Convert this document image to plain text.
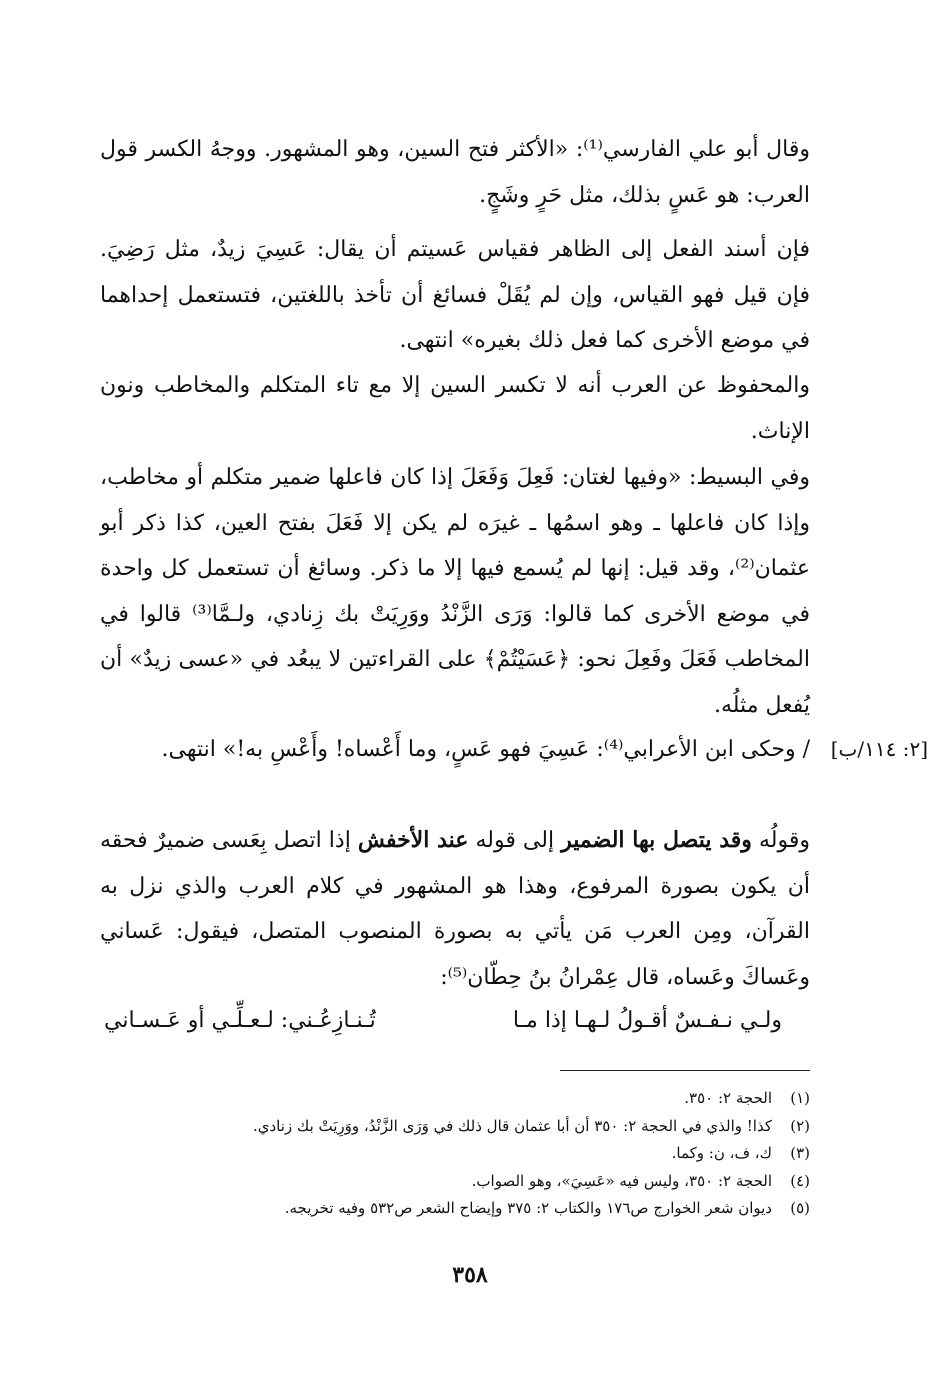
وقال أبو علي الفارسي⁽¹⁾: «الأكثر فتح السين، وهو المشهور. ووجهُ الكسر قول العرب: هو عَسٍ بذلك، مثل حَرٍ وشَجٍ.

فإن أسند الفعل إلى الظاهر فقياس عَسيتم أن يقال: عَسِيَ زيدٌ، مثل رَضِيَ. فإن قيل فهو القياس، وإن لم يُقَلْ فسائغ أن تأخذ باللغتين، فتستعمل إحداهما في موضع الأخرى كما فعل ذلك بغيره» انتهى.

والمحفوظ عن العرب أنه لا تكسر السين إلا مع تاء المتكلم والمخاطب ونون الإناث.

وفي البسيط: «وفيها لغتان: فَعِلَ وَفَعَلَ إذا كان فاعلها ضمير متكلم أو مخاطب، وإذا كان فاعلها ـ وهو اسمُها ـ غيرَه لم يكن إلا فَعَلَ بفتح العين، كذا ذكر أبو عثمان⁽²⁾، وقد قيل: إنها لم يُسمع فيها إلا ما ذكر. وسائغ أن تستعمل كل واحدة في موضع الأخرى كما قالوا: وَرَى الزَّنْدُ ووَرِيَتْ بك زِنادي، ولـمَّا⁽³⁾ قالوا في المخاطب فَعَلَ وفَعِلَ نحو: ﴿عَسَيْتُمْ﴾ على القراءتين لا يبعُد في «عسى زيدٌ» أن يُفعل مثلُه.

[٢: ١١٤/ب]

/ وحكى ابن الأعرابي⁽⁴⁾: عَسِيَ فهو عَسٍ، وما أَعْساه! وأَعْسِ به!» انتهى.

وقولُه وقد يتصل بها الضمير إلى قوله عند الأخفش إذا اتصل بِعَسى ضميرٌ فحقه أن يكون بصورة المرفوع، وهذا هو المشهور في كلام العرب والذي نزل به القرآن، ومِن العرب مَن يأتي به بصورة المنصوب المتصل، فيقول: عَساني وعَساكَ وعَساه، قال عِمْرانُ بنُ حِطّان⁽⁵⁾:

ولـي نـفـسٌ أقـولُ لـهـا إذا مـا
تُـنـازِعُـني: لـعـلِّـي أو عَـسـاني
(١)الحجة ٢: ٣٥٠.
(٢)كذا! والذي في الحجة ٢: ٣٥٠ أن أبا عثمان قال ذلك في وَرَى الزَّنْدُ، ووَرِيَتْ بك زنادي.
(٣)ك، ف، ن: وكما.
(٤)الحجة ٢: ٣٥٠، وليس فيه «عَسِيَ»، وهو الصواب.
(٥)ديوان شعر الخوارج ص١٧٦ والكتاب ٢: ٣٧٥ وإيضاح الشعر ص٥٣٢ وفيه تخريجه.
٣٥٨
